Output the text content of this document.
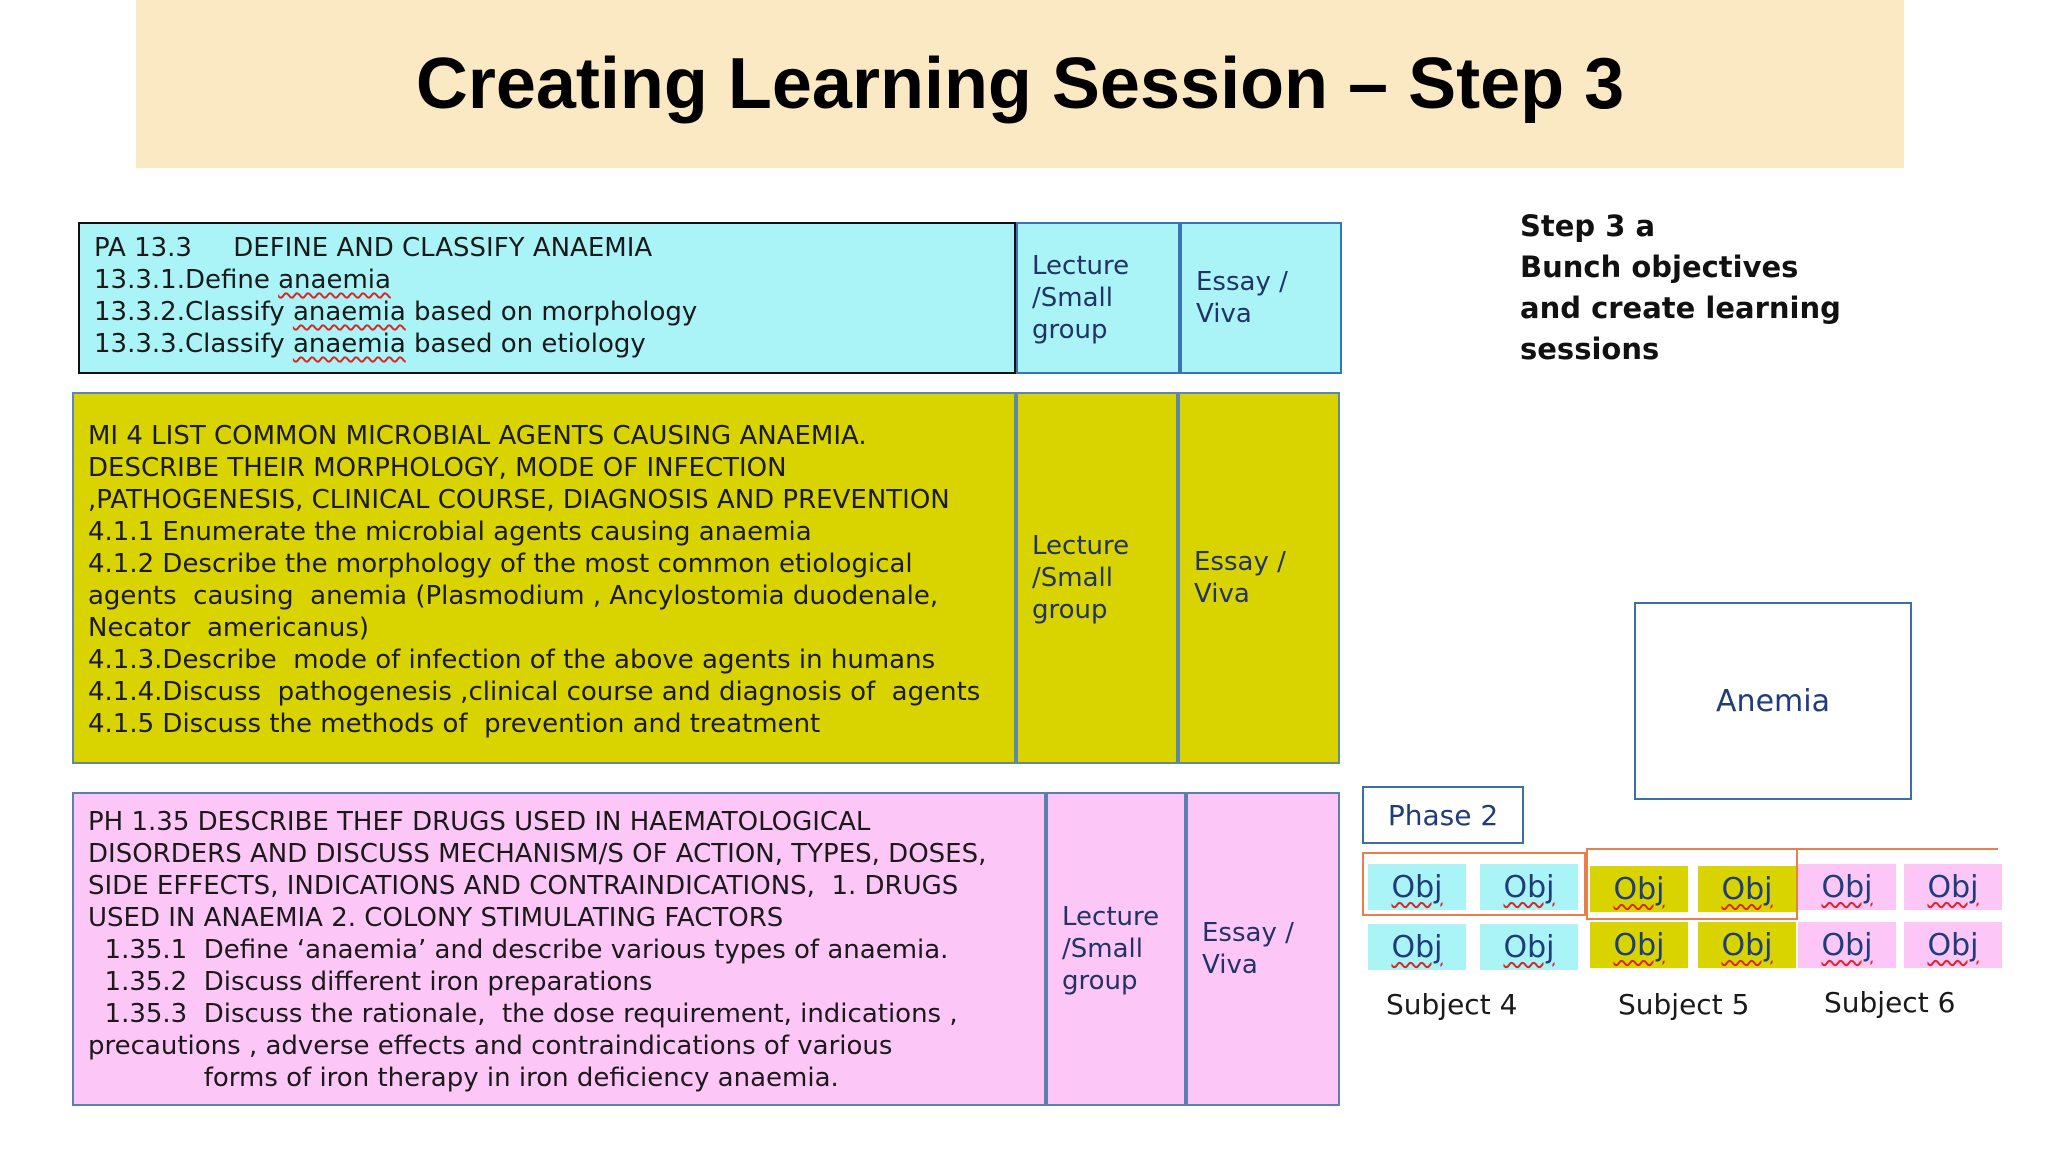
Creating Learning Session – Step 3
PA 13.3     DEFINE AND CLASSIFY ANAEMIA
13.3.1.Define anaemia
13.3.2.Classify anaemia based on morphology
13.3.3.Classify anaemia based on etiology
Lecture
/Small
group
Essay /
Viva
MI 4 LIST COMMON MICROBIAL AGENTS CAUSING ANAEMIA.
DESCRIBE THEIR MORPHOLOGY, MODE OF INFECTION
,PATHOGENESIS, CLINICAL COURSE, DIAGNOSIS AND PREVENTION
4.1.1 Enumerate the microbial agents causing anaemia
4.1.2 Describe the morphology of the most common etiological
agents  causing  anemia (Plasmodium , Ancylostomia duodenale,
Necator  americanus)
4.1.3.Describe  mode of infection of the above agents in humans
4.1.4.Discuss  pathogenesis ,clinical course and diagnosis of  agents
4.1.5 Discuss the methods of  prevention and treatment
Lecture
/Small
group
Essay /
Viva
PH 1.35 DESCRIBE THEF DRUGS USED IN HAEMATOLOGICAL
DISORDERS AND DISCUSS MECHANISM/S OF ACTION, TYPES, DOSES,
SIDE EFFECTS, INDICATIONS AND CONTRAINDICATIONS,  1. DRUGS
USED IN ANAEMIA 2. COLONY STIMULATING FACTORS
1.35.1  Define ‘anaemia’ and describe various types of anaemia.
1.35.2  Discuss different iron preparations
1.35.3  Discuss the rationale,  the dose requirement, indications ,
precautions , adverse effects and contraindications of various
forms of iron therapy in iron deficiency anaemia.
Lecture
/Small
group
Essay /
Viva
Step 3 a
Bunch objectives
and create learning
sessions
Anemia
Phase 2
Obj Obj
Obj Obj
Obj Obj
Obj Obj
Obj Obj
Obj Obj
Subject 4	Subject 5	Subject 6
